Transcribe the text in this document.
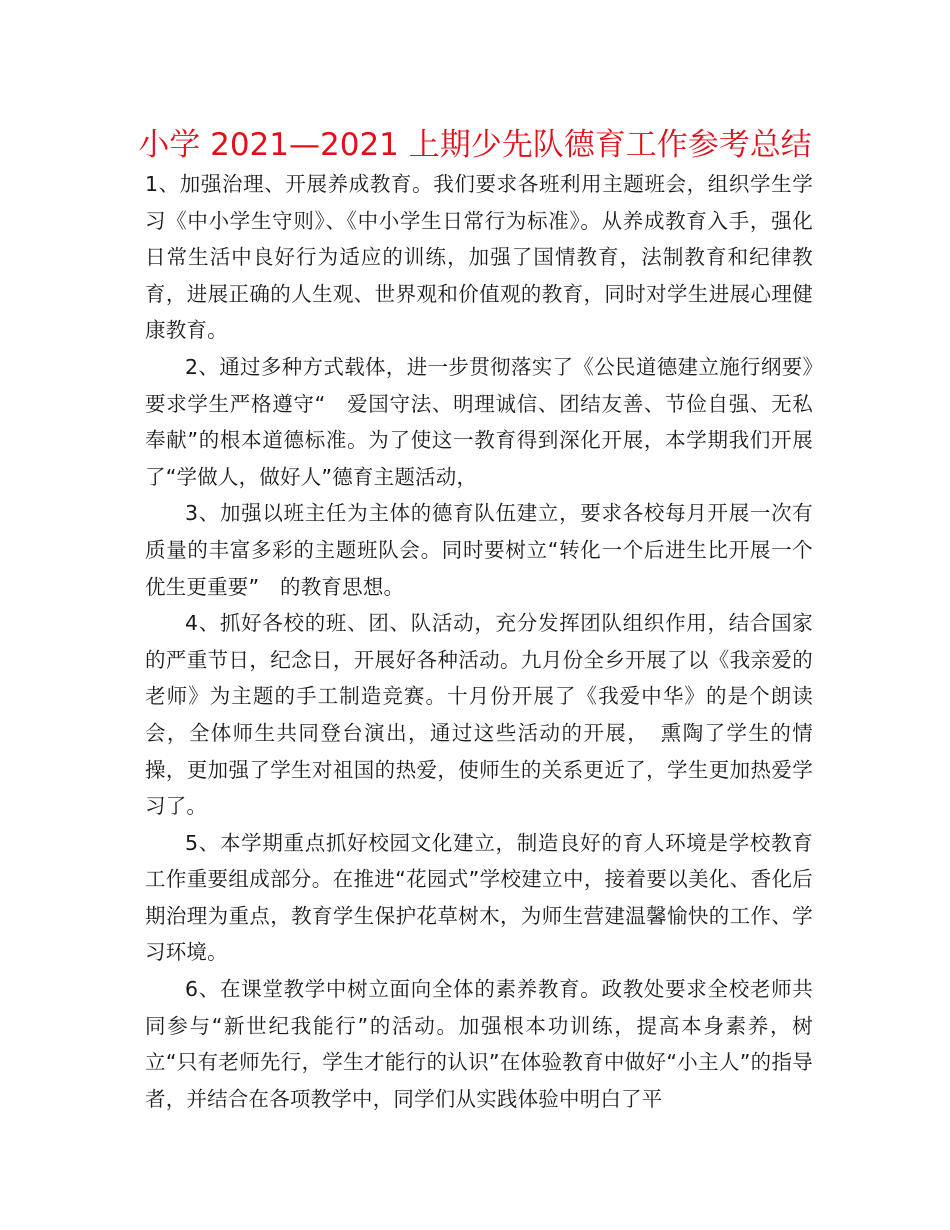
小学 2021—2021 上期少先队德育工作参考总结

1、加强治理、开展养成教育。我们要求各班利用主题班会，组织学生学习《中小学生守则》、《中小学生日常行为标准》。从养成教育入手，强化日常生活中良好行为适应的训练，加强了国情教育，法制教育和纪律教育，进展正确的人生观、世界观和价值观的教育，同时对学生进展心理健康教育。

2、通过多种方式载体，进一步贯彻落实了《公民道德建立施行纲要》要求学生严格遵守“　爱国守法、明理诚信、团结友善、节俭自强、无私奉献”的根本道德标准。为了使这一教育得到深化开展，本学期我们开展了“学做人，做好人”德育主题活动，

3、加强以班主任为主体的德育队伍建立，要求各校每月开展一次有质量的丰富多彩的主题班队会。同时要树立“转化一个后进生比开展一个优生更重要”　的教育思想。

4、抓好各校的班、团、队活动，充分发挥团队组织作用，结合国家的严重节日，纪念日，开展好各种活动。九月份全乡开展了以《我亲爱的老师》为主题的手工制造竞赛。十月份开展了《我爱中华》的是个朗读会，全体师生共同登台演出，通过这些活动的开展，　熏陶了学生的情操，更加强了学生对祖国的热爱，使师生的关系更近了，学生更加热爱学习了。

5、本学期重点抓好校园文化建立，制造良好的育人环境是学校教育工作重要组成部分。在推进“花园式”学校建立中，接着要以美化、香化后期治理为重点，教育学生保护花草树木，为师生营建温馨愉快的工作、学习环境。

6、在课堂教学中树立面向全体的素养教育。政教处要求全校老师共同参与“新世纪我能行”的活动。加强根本功训练，提高本身素养，树立“只有老师先行，学生才能行的认识”在体验教育中做好“小主人”的指导者，并结合在各项教学中，同学们从实践体验中明白了平
